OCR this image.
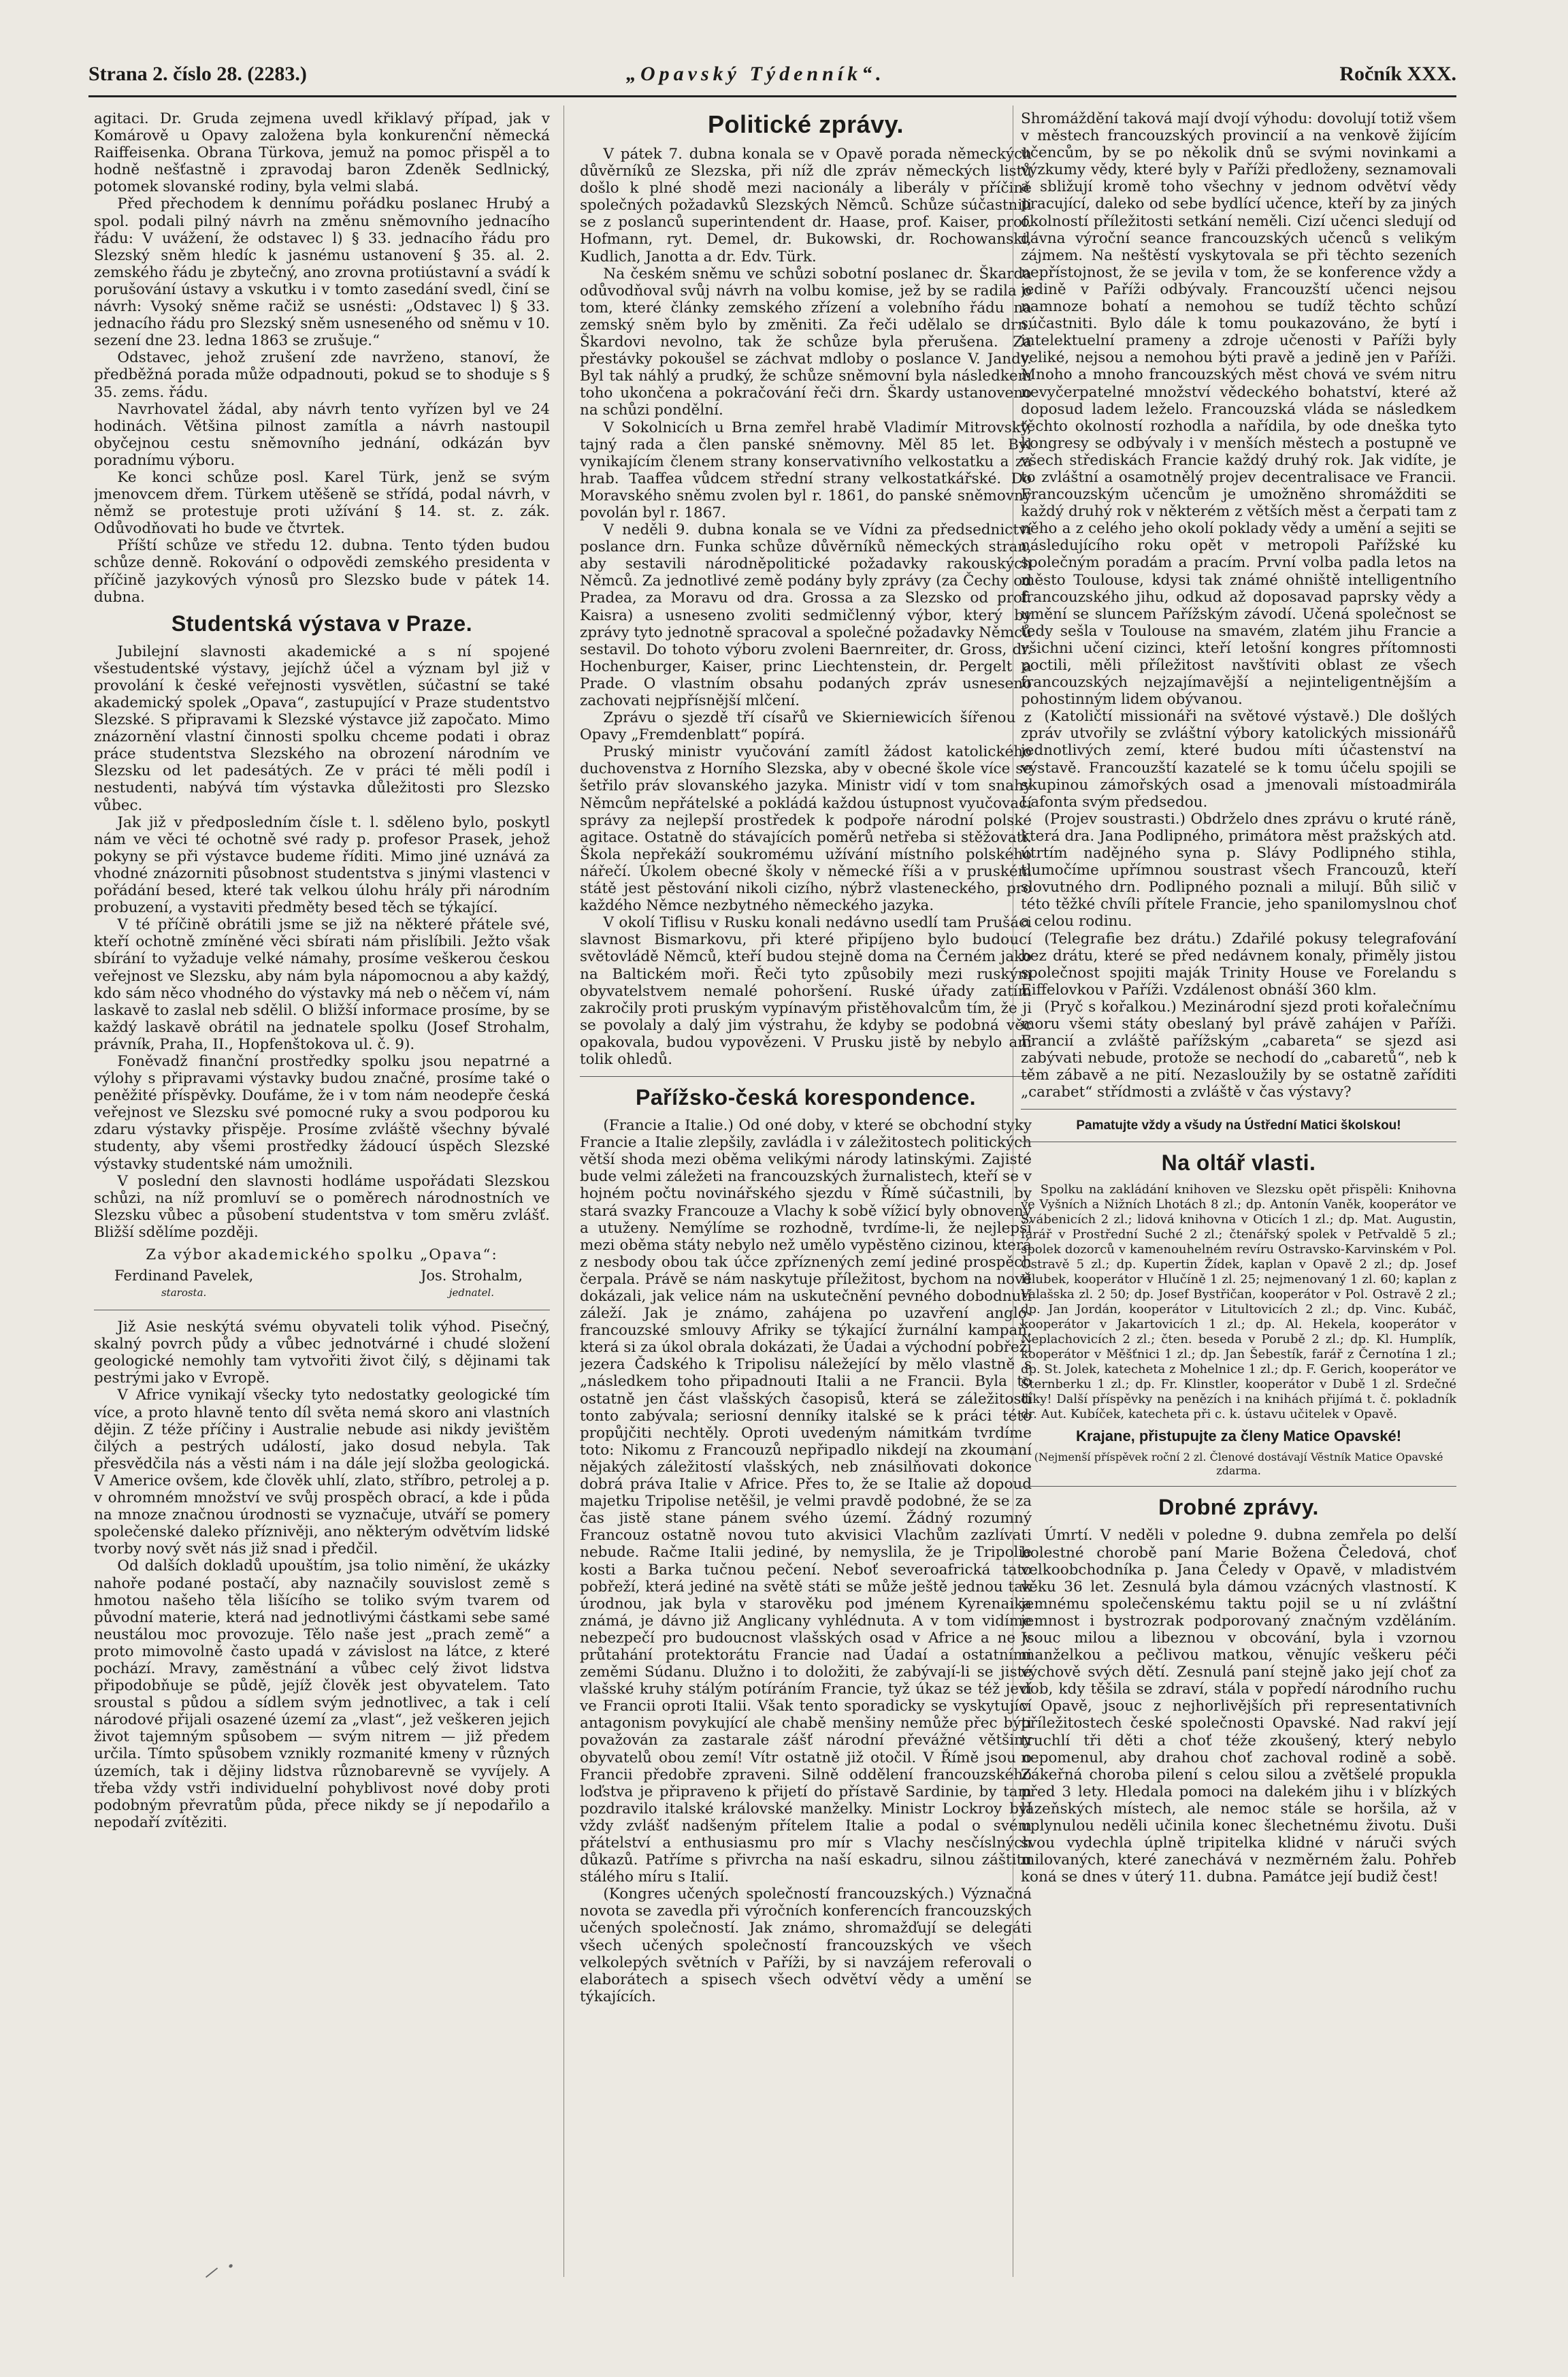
Strana 2. číslo 28. (2283.)	„Opavský Týdenník“.	Ročník XXX.

agitaci. Dr. Gruda zejmena uvedl křiklavý případ, jak v Komárově u Opavy založena byla konkurenční německá Raiffeisenka. Obrana Türkova, jemuž na pomoc přispěl a to hodně nešťastně i zpravodaj baron Zdeněk Sedlnický, potomek slovanské rodiny, byla velmi slabá.

Před přechodem k dennímu pořádku poslanec Hrubý a spol. podali pilný návrh na změnu sněmovního jednacího řádu: V uvážení, že odstavec l) § 33. jednacího řádu pro Slezský sněm hledíc k jasnému ustanovení § 35. al. 2. zemského řádu je zbytečný, ano zrovna protiústavní a svádí k porušování ústavy a vskutku i v tomto zasedání svedl, činí se návrh: Vysoký sněme račiž se usnésti: „Odstavec l) § 33. jednacího řádu pro Slezský sněm usneseného od sněmu v 10. sezení dne 23. ledna 1863 se zrušuje.“

Odstavec, jehož zrušení zde navrženo, stanoví, že předběžná porada může odpadnouti, pokud se to shoduje s § 35. zems. řádu.

Navrhovatel žádal, aby návrh tento vyřízen byl ve 24 hodinách. Většina pilnost zamítla a návrh nastoupil obyčejnou cestu sněmovního jednání, odkázán byv poradnímu výboru.

Ke konci schůze posl. Karel Türk, jenž se svým jmenovcem dřem. Türkem utěšeně se střídá, podal návrh, v němž se protestuje proti užívání § 14. st. z. zák. Odůvodňovati ho bude ve čtvrtek.

Příští schůze ve středu 12. dubna. Tento týden budou schůze denně. Rokování o odpovědi zemského presidenta v příčině jazykových výnosů pro Slezsko bude v pátek 14. dubna.

Studentská výstava v Praze.

Jubilejní slavnosti akademické a s ní spojené všestudentské výstavy, jejíchž účel a význam byl již v provolání k české veřejnosti vysvětlen, súčastní se také akademický spolek „Opava“, zastupující v Praze studentstvo Slezské. S připravami k Slezské výstavce již započato. Mimo znázornění vlastní činnosti spolku chceme podati i obraz práce studentstva Slezského na obrození národním ve Slezsku od let padesátých. Ze v práci té měli podíl i nestudenti, nabývá tím výstavka důležitosti pro Slezsko vůbec.

Jak již v předposledním čísle t. l. sděleno bylo, poskytl nám ve věci té ochotně své rady p. profesor Prasek, jehož pokyny se při výstavce budeme říditi. Mimo jiné uznává za vhodné znázorniti působnost studentstva s jinými vlastenci v pořádání besed, které tak velkou úlohu hrály při národním probuzení, a vystaviti předměty besed těch se týkající.

V té příčině obrátili jsme se již na některé přátele své, kteří ochotně zmíněné věci sbírati nám přislíbili. Ježto však sbírání to vyžaduje velké námahy, prosíme veškerou českou veřejnost ve Slezsku, aby nám byla nápomocnou a aby každý, kdo sám něco vhodného do výstavky má neb o něčem ví, nám laskavě to zaslal neb sdělil. O bližší informace prosíme, by se každý laskavě obrátil na jednatele spolku (Josef Strohalm, právník, Praha, II., Hopfenštokova ul. č. 9).

Foněvadž finanční prostředky spolku jsou nepatrné a výlohy s připravami výstavky budou značné, prosíme také o peněžité příspěvky. Doufáme, že i v tom nám neodepře česká veřejnost ve Slezsku své pomocné ruky a svou podporou ku zdaru výstavky přispěje. Prosíme zvláště všechny bývalé studenty, aby všemi prostředky žádoucí úspěch Slezské výstavky studentské nám umožnili.

V poslední den slavnosti hodláme uspořádati Slezskou schůzi, na níž promluví se o poměrech národnostních ve Slezsku vůbec a působení studentstva v tom směru zvlášť. Bližší sdělíme později.

Za výbor akademického spolku „Opava“:

Ferdinand Pavelek,
starosta.
Jos. Strohalm,
jednatel.

Již Asie neskýtá svému obyvateli tolik výhod. Pisečný, skalný povrch půdy a vůbec jednotvárné i chudé složení geologické nemohly tam vytvořiti život čilý, s dějinami tak pestrými jako v Evropě.

V Africe vynikají všecky tyto nedostatky geologické tím více, a proto hlavně tento díl světa nemá skoro ani vlastních dějin. Z téže příčiny i Australie nebude asi nikdy jevištěm čilých a pestrých událostí, jako dosud nebyla. Tak přesvědčila nás a věsti nám i na dále její složba geologická. V Americe ovšem, kde člověk uhlí, zlato, stříbro, petrolej a p. v ohromném množství ve svůj prospěch obrací, a kde i půda na mnoze značnou úrodnosti se vyznačuje, utváří se pomery společenské daleko příznivěji, ano některým odvětvím lidské tvorby nový svět nás již snad i předčil.

Od dalších dokladů upouštím, jsa tolio nimění, že ukázky nahoře podané postačí, aby naznačily souvislost země s hmotou našeho těla lišícího se toliko svým tvarem od původní materie, která nad jednotlivými částkami sebe samé neustálou moc provozuje. Tělo naše jest „prach země“ a proto mimovolně často upadá v závislost na látce, z které pochází. Mravy, zaměstnání a vůbec celý život lidstva připodobňuje se půdě, jejíž člověk jest obyvatelem. Tato sroustal s půdou a sídlem svým jednotlivec, a tak i celí národové přijali osazené území za „vlast“, jež veškeren jejich život tajemným spůsobem — svým nitrem — již předem určila. Tímto spůsobem vznikly rozmanité kmeny v různých územích, tak i dějiny lidstva různobarevně se vyvíjely. A třeba vždy vstři individuelní pohyblivost nové doby proti podobným převratům půda, přece nikdy se jí nepodařilo a nepodaří zvítěziti.

Politické zprávy.

V pátek 7. dubna konala se v Opavě porada německých důvěrníků ze Slezska, při níž dle zpráv německých listů došlo k plné shodě mezi nacionály a liberály v příčině společných požadavků Slezských Němců. Schůze súčastnili se z poslanců superintendent dr. Haase, prof. Kaiser, prof. Hofmann, ryt. Demel, dr. Bukowski, dr. Rochowanski, Kudlich, Janotta a dr. Edv. Türk.

Na českém sněmu ve schůzi sobotní poslanec dr. Škarda odůvodňoval svůj návrh na volbu komise, jež by se radila o tom, které články zemského zřízení a volebního řádu na zemský sněm bylo by změniti. Za řeči udělalo se drn. Škardovi nevolno, tak že schůze byla přerušena. Za přestávky pokoušel se záchvat mdloby o poslance V. Jandy. Byl tak náhlý a prudký, že schůze sněmovní byla následkem toho ukončena a pokračování řeči drn. Škardy ustanoveno na schůzi pondělní.

V Sokolnicích u Brna zemřel hrabě Vladimír Mitrovský, tajný rada a člen panské sněmovny. Měl 85 let. Byl vynikajícím členem strany konservativního velkostatku a za hrab. Taaffea vůdcem střední strany velkostatkářské. Do Moravského sněmu zvolen byl r. 1861, do panské sněmovny povolán byl r. 1867.

V neděli 9. dubna konala se ve Vídni za předsednictví poslance drn. Funka schůze důvěrníků německých stran, aby sestavili národněpolitické požadavky rakouských Němců. Za jednotlivé země podány byly zprávy (za Čechy od Pradea, za Moravu od dra. Grossa a za Slezsko od prof. Kaisra) a usneseno zvoliti sedmičlenný výbor, který by zprávy tyto jednotně spracoval a společné požadavky Němců sestavil. Do tohoto výboru zvoleni Baernreiter, dr. Gross, dr. Hochenburger, Kaiser, princ Liechtenstein, dr. Pergelt a Prade. O vlastním obsahu podaných zpráv usneseno zachovati nejpřísnější mlčení.

Zprávu o sjezdě tří císařů ve Skierniewicích šířenou z Opavy „Fremdenblatt“ popírá.

Pruský ministr vyučování zamítl žádost katolického duchovenstva z Horního Slezska, aby v obecné škole více se šetřilo práv slovanského jazyka. Ministr vidí v tom snahy Němcům nepřátelské a pokládá každou ústupnost vyučovací správy za nejlepší prostředek k podpoře národní polské agitace. Ostatně do stávajících poměrů netřeba si stěžovati. Škola nepřekáží soukromému užívání místního polského nářečí. Úkolem obecné školy v německé říši a v pruském státě jest pěstování nikoli cizího, nýbrž vlasteneckého, pro každého Němce nezbytného německého jazyka.

V okolí Tiflisu v Rusku konali nedávno usedlí tam Prušáci slavnost Bismarkovu, při které připíjeno bylo budoucí světovládě Němců, kteří budou stejně doma na Černém jako na Baltickém moři. Řeči tyto způsobily mezi ruským obyvatelstvem nemalé pohoršení. Ruské úřady zatím zakročily proti pruským vypínavým přistěhovalcům tím, že ji se povolaly a dalý jim výstrahu, že kdyby se podobná věc opakovala, budou vypovězeni. V Prusku jistě by nebylo ani tolik ohledů.

Pařížsko-česká korespondence.

(Francie a Italie.) Od oné doby, v které se obchodní styky Francie a Italie zlepšily, zavládla i v záležitostech politických větší shoda mezi oběma velikými národy latinskými. Zajisté bude velmi záležeti na francouzských žurnalistech, kteří se v hojném počtu novinářského sjezdu v Římě súčastnili, by stará svazky Francouze a Vlachy k sobě vížicí byly obnoveny a utuženy. Nemýlíme se rozhodně, tvrdíme-li, že nejlepší mezi oběma státy nebylo než umělo vypěstěno cizinou, která z nesbody obou tak účce zpříznených zemí jediné prospěch čerpala. Právě se nám naskytuje příležitost, bychom na nově dokázali, jak velice nám na uskutečnění pevného dobodnutí záleží. Jak je známo, zahájena po uzavření anglo-francouzské smlouvy Afriky se týkající žurnální kampaň, která si za úkol obrala dokázati, že Úadai a východní pobřeží jezera Čadského k Tripolisu náležející by mělo vlastně s „následkem toho připadnouti Italii a ne Francii. Byla to ostatně jen část vlašských časopisů, která se záležitostí tonto zabývala; seriosní denníky italské se k práci této propůjčiti nechtěly. Oproti uvedeným námitkám tvrdíme toto: Nikomu z Francouzů nepřipadlo nikdejí na zkoumaní nějakých záležitostí vlašských, neb znásilňovati dokonce dobrá práva Italie v Africe. Přes to, že se Italie až dopoud majetku Tripolise netěšil, je velmi pravdě podobné, že se za čas jistě stane pánem svého území. Žádný rozumný Francouz ostatně novou tuto akvisici Vlachům zazlívati nebude. Račme Italii jediné, by nemyslila, že je Tripolie kosti a Barka tučnou pečení. Neboť severoafrická tato pobřeží, která jediné na světě státi se může ještě jednou tak úrodnou, jak byla v starověku pod jménem Kyrenaika známá, je dávno již Anglicany vyhlédnuta. A v tom vidíme nebezpečí pro budoucnost vlašských osad v Africe a ne v průtahání protektorátu Francie nad Úadaí a ostatními zeměmi Súdanu. Dlužno i to doložiti, že zabývají-li se jisté vlašské kruhy stálým potíráním Francie, tyž úkaz se též jeví ve Francii oproti Italii. Však tento sporadicky se vyskytující antagonism povykující ale chabě menšiny nemůže přec býti považován za zastarale zášť národní převážné většiny obyvatelů obou zemí! Vítr ostatně již otočil. V Římě jsou o Francii předobře zpraveni. Silně oddělení francouzského loďstva je připraveno k přijetí do přístavě Sardinie, by tam pozdravilo italské královské manželky. Ministr Lockroy byl vždy zvlášť nadšeným přítelem Italie a podal o svém přátelství a enthusiasmu pro mír s Vlachy nesčíslných důkazů. Patříme s přivrcha na naší eskadru, silnou záštitu stálého míru s Italií.

(Kongres učených společností francouzských.) Význačná novota se zavedla při výročních konferencích francouzských učených společností. Jak známo, shromažďují se delegáti všech učených společností francouzských ve všech velkolepých světních v Paříži, by si navzájem referovali o elaborátech a spisech všech odvětví vědy a umění se týkajících.

Shromáždění taková mají dvojí výhodu: dovolují totiž všem v městech francouzských provincií a na venkově žijícím učencům, by se po několik dnů se svými novinkami a výzkumy vědy, které byly v Paříži předloženy, seznamovali a sbližují kromě toho všechny v jednom odvětví vědy pracující, daleko od sebe bydlící učence, kteří by za jiných okolností příležitosti setkání neměli. Cizí učenci sledují od dávna výroční seance francouzských učenců s velikým zájmem. Na neštěstí vyskytovala se při těchto sezeních nepřístojnost, že se jevila v tom, že se konference vždy a jedině v Paříži odbývaly. Francouzští učenci nejsou namnoze bohatí a nemohou se tudíž těchto schůzí súčastniti. Bylo dále k tomu poukazováno, že bytí i intelektuelní prameny a zdroje učenosti v Paříži byly veliké, nejsou a nemohou býti pravě a jedině jen v Paříži. Mnoho a mnoho francouzských měst chová ve svém nitru nevyčerpatelné množství vědeckého bohatství, které až doposud ladem leželo. Francouzská vláda se následkem těchto okolností rozhodla a nařídila, by ode dneška tyto kongresy se odbývaly i v menších městech a postupně ve všech střediskách Francie každý druhý rok. Jak vidíte, je to zvláštní a osamotnělý projev decentralisace ve Francii. Francouzským učencům je umožněno shromážditi se každý druhý rok v některém z větších měst a čerpati tam z něho a z celého jeho okolí poklady vědy a umění a sejiti se následujícího roku opět v metropoli Pařížské ku společným poradám a pracím. První volba padla letos na město Toulouse, kdysi tak známé ohniště intelligentního francouzského jihu, odkud až doposavad paprsky vědy a umění se sluncem Pařížským závodí. Učená společnost se tedy sešla v Toulouse na smavém, zlatém jihu Francie a všichni učení cizinci, kteří letošní kongres přítomnosti poctili, měli příležitost navštíviti oblast ze všech francouzských nejzajímavější a nejinteligentnějším a pohostinným lidem obývanou.

(Katoličtí missionáři na světové výstavě.) Dle došlých zpráv utvořily se zvláštní výbory katolických missionářů jednotlivých zemí, které budou míti účastenství na výstavě. Francouzští kazatelé se k tomu účelu spojili se skupinou zámořských osad a jmenovali místoadmirála Lafonta svým předsedou.

(Projev soustrasti.) Obdrželo dnes zprávu o kruté ráně, která dra. Jana Podlipného, primátora měst pražských atd. útrtím nadějného syna p. Slávy Podlipného stihla, tlumočíme upřímnou soustrast všech Francouzů, kteří slovutného drn. Podlipného poznali a milují. Bůh silič v této těžké chvíli přítele Francie, jeho spanilomyslnou choť a celou rodinu.

(Telegrafie bez drátu.) Zdařilé pokusy telegrafování bez drátu, které se před nedávnem konaly, přiměly jistou společnost spojiti maják Trinity House ve Forelandu s Eiffelovkou v Paříži. Vzdálenost obnáší 360 klm.

(Pryč s kořalkou.) Mezinárodní sjezd proti kořalečnímu moru všemi státy obeslaný byl právě zahájen v Paříži. Francií a zvláště pařížským „cabareta“ se sjezd asi zabývati nebude, protože se nechodí do „cabaretů“, neb k těm zábavě a ne pití. Nezasloužily by se ostatně zaříditi „carabet“ střídmosti a zvláště v čas výstavy?

Pamatujte vždy a všudy na Ústřední Matici školskou!
Na oltář vlasti.

Spolku na zakládání knihoven ve Slezsku opět přispěli: Knihovna ve Vyšních a Nižních Lhotách 8 zl.; dp. Antonín Vaněk, kooperátor ve Švábenicích 2 zl.; lidová knihovna v Oticích 1 zl.; dp. Mat. Augustin, farář v Prostřední Suché 2 zl.; čtenářský spolek v Petřvaldě 5 zl.; spolek dozorců v kamenouhelném revíru Ostravsko-Karvinském v Pol. Ostravě 5 zl.; dp. Kupertin Žídek, kaplan v Opavě 2 zl.; dp. Josef Hlubek, kooperátor v Hlučíně 1 zl. 25; nejmenovaný 1 zl. 60; kaplan z Valašska zl. 2 50; dp. Josef Bystřičan, kooperátor v Pol. Ostravě 2 zl.; dp. Jan Jordán, kooperátor v Litultovicích 2 zl.; dp. Vinc. Kubáč, kooperátor v Jakartovicích 1 zl.; dp. Al. Hekela, kooperátor v Neplachovicích 2 zl.; čten. beseda v Porubě 2 zl.; dp. Kl. Humplík, kooperátor v Měšťnici 1 zl.; dp. Jan Šebestík, farář z Černotína 1 zl.; dp. St. Jolek, katecheta z Mohelnice 1 zl.; dp. F. Gerich, kooperátor ve Šternberku 1 zl.; dp. Fr. Klinstler, kooperátor v Dubě 1 zl. Srdečné díky! Další příspěvky na penězích i na knihách přijímá t. č. pokladník dr. Aut. Kubíček, katecheta při c. k. ústavu učitelek v Opavě.

Krajane, přistupujte za členy Matice Opavské!
(Nejmenší příspěvek roční 2 zl. Členové dostávají Věstník Matice Opavské zdarma.
Drobné zprávy.

Úmrtí. V neděli v poledne 9. dubna zemřela po delší bolestné chorobě paní Marie Božena Čeledová, choť velkoobchodníka p. Jana Čeledy v Opavě, v mladistvém věku 36 let. Zesnulá byla dámou vzácných vlastností. K jemnému společenskému taktu pojil se u ní zvláštní jemnost i bystrozrak podporovaný značným vzděláním. Jsouc milou a libeznou v obcování, byla i vzornou manželkou a pečlivou matkou, věnujíc veškeru péči výchově svých dětí. Zesnulá paní stejně jako její choť za dob, kdy těšila se zdraví, stála v popředí národního ruchu v Opavě, jsouc z nejhorlivějších při representativních příležitostech české společnosti Opavské. Nad rakví její truchlí tři děti a choť téže zkoušený, který nebylo nepomenul, aby drahou choť zachoval rodině a sobě. Zákeřná choroba pilení s celou silou a zvětšelé propukla před 3 lety. Hledala pomoci na dalekém jihu i v blízkých lázeňských místech, ale nemoc stále se horšila, až v uplynulou neděli učinila konec šlechetnému životu. Duši svou vydechla úplně tripitelka klidné v náruči svých milovaných, které zanechává v nezměrném žalu. Pohřeb koná se dnes v úterý 11. dubna. Památce její budiž čest!

⸝ ·
